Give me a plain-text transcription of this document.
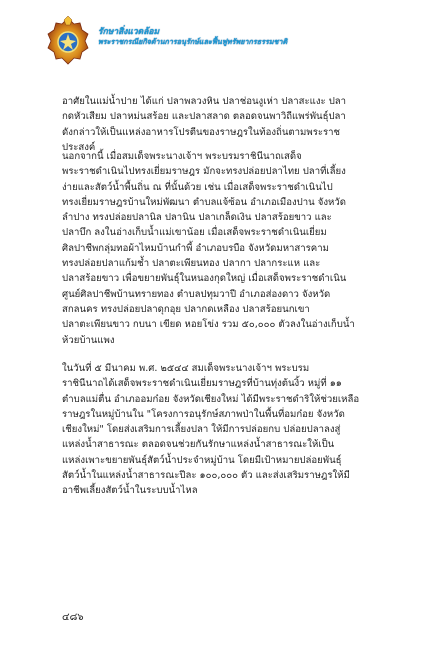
รักษาสิ่งแวดล้อม
พระราชกรณียกิจด้านการอนุรักษ์และฟื้นฟูทรัพยากรธรรมชาติ

อาศัยในแม่น้ำปาย ได้แก่ ปลาพลวงหิน ปลาช่อนงูเห่า ปลาสะแงะ ปลา
กดหัวเสียม ปลาหม่นสร้อย และปลาสลาด ตลอดจนพาวิถีแพร่พันธุ์ปลา
ดังกล่าวให้เป็นแหล่งอาหารโปรตีนของราษฎรในท้องถิ่นตามพระราชประสงค์

นอกจากนี้ เมื่อสมเด็จพระนางเจ้าฯ พระบรมราชินีนาถเสด็จ
พระราชดำเนินไปทรงเยี่ยมราษฎร มักจะทรงปล่อยปลาไทย ปลาที่เลี้ยง
ง่ายและสัตว์น้ำพื้นถิ่น ณ ที่นั้นด้วย เช่น เมื่อเสด็จพระราชดำเนินไป
ทรงเยี่ยมราษฎรบ้านใหม่พัฒนา ตำบลแจ้ซ้อน อำเภอเมืองปาน จังหวัด
ลำปาง ทรงปล่อยปลานิล ปลานิน ปลาเกล็ดเงิน ปลาสร้อยขาว และ
ปลาบึก ลงในอ่างเก็บน้ำแม่เขาน้อย เมื่อเสด็จพระราชดำเนินเยี่ยม
ศิลปาชีพกลุ่มทอผ้าไหมบ้านกำพี้ อำเภอบรบือ จังหวัดมหาสารคาม
ทรงปล่อยปลาแก้มช้ำ ปลาตะเพียนทอง ปลากา ปลากระแห และ
ปลาสร้อยขาว เพื่อขยายพันธุ์ในหนองกุดใหญ่ เมื่อเสด็จพระราชดำเนิน
ศูนย์ศิลปาชีพบ้านทรายทอง ตำบลปทุมวาปี อำเภอส่องดาว จังหวัด
สกลนคร ทรงปล่อยปลาดุกอุย ปลากดเหลือง ปลาสร้อยนกเขา
ปลาตะเพียนขาว กบนา เขียด หอยโข่ง รวม ๕๐,๐๐๐ ตัวลงในอ่างเก็บน้ำ
ห้วยบ้านแพง

ในวันที่ ๕ มีนาคม พ.ศ. ๒๕๔๔ สมเด็จพระนางเจ้าฯ พระบรม
ราชินีนาถได้เสด็จพระราชดำเนินเยี่ยมราษฎรที่บ้านทุ่งต้นงิ้ว หมู่ที่ ๑๑
ตำบลแม่ตื่น อำเภออมก๋อย จังหวัดเชียงใหม่ ได้มีพระราชดำริให้ช่วยเหลือ
ราษฎรในหมู่บ้านใน "โครงการอนุรักษ์สภาพป่าในพื้นที่อมก๋อย จังหวัด
เชียงใหม่" โดยส่งเสริมการเลี้ยงปลา ให้มีการปล่อยกบ ปล่อยปลาลงสู่
แหล่งน้ำสาธารณะ ตลอดจนช่วยกันรักษาแหล่งน้ำสาธารณะให้เป็น
แหล่งเพาะขยายพันธุ์สัตว์น้ำประจำหมู่บ้าน โดยมีเป้าหมายปล่อยพันธุ์
สัตว์น้ำในแหล่งน้ำสาธารณะปีละ ๑๐๐,๐๐๐ ตัว และส่งเสริมราษฎรให้มี
อาชีพเลี้ยงสัตว์น้ำในระบบน้ำไหล

๔๘๖
